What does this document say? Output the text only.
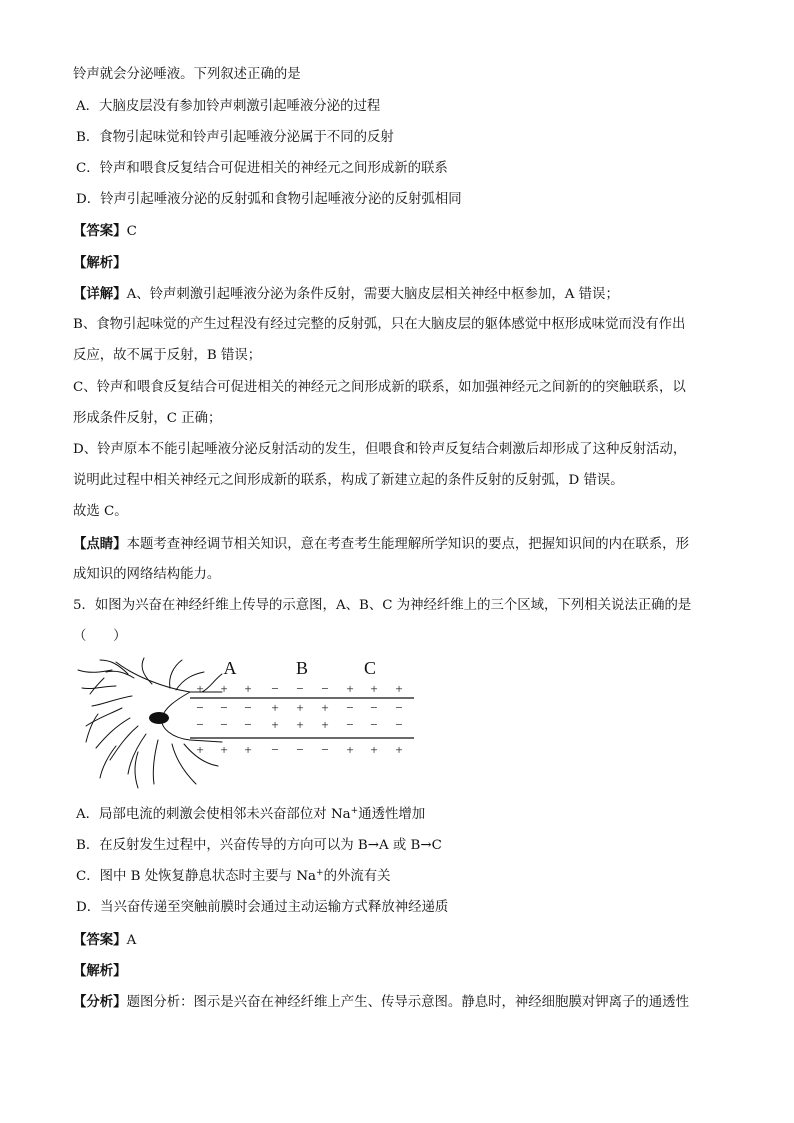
铃声就会分泌唾液。下列叙述正确的是
A．大脑皮层没有参加铃声刺激引起唾液分泌的过程
B．食物引起味觉和铃声引起唾液分泌属于不同的反射
C．铃声和喂食反复结合可促进相关的神经元之间形成新的联系
D．铃声引起唾液分泌的反射弧和食物引起唾液分泌的反射弧相同
【答案】C
【解析】
【详解】A、铃声刺激引起唾液分泌为条件反射，需要大脑皮层相关神经中枢参加，A 错误；
B、食物引起味觉的产生过程没有经过完整的反射弧，只在大脑皮层的躯体感觉中枢形成味觉而没有作出
反应，故不属于反射，B 错误；
C、铃声和喂食反复结合可促进相关的神经元之间形成新的联系，如加强神经元之间新的的突触联系，以
形成条件反射，C 正确；
D、铃声原本不能引起唾液分泌反射活动的发生，但喂食和铃声反复结合刺激后却形成了这种反射活动，
说明此过程中相关神经元之间形成新的联系，构成了新建立起的条件反射的反射弧，D 错误。
故选 C。
【点睛】本题考查神经调节相关知识，意在考查考生能理解所学知识的要点，把握知识间的内在联系，形
成知识的网络结构能力。
5．如图为兴奋在神经纤维上传导的示意图，A、B、C 为神经纤维上的三个区域，下列相关说法正确的是
（　　）
A	B	C
+ + + − − − + + +
− − − + + + − − −
− − − + + + − − −
+ + + − − − + + +
A．局部电流的刺激会使相邻未兴奋部位对 Na+通透性增加
B．在反射发生过程中，兴奋传导的方向可以为 B→A 或 B→C
C．图中 B 处恢复静息状态时主要与 Na+的外流有关
D．当兴奋传递至突触前膜时会通过主动运输方式释放神经递质
【答案】A
【解析】
【分析】题图分析：图示是兴奋在神经纤维上产生、传导示意图。静息时，神经细胞膜对钾离子的通透性
